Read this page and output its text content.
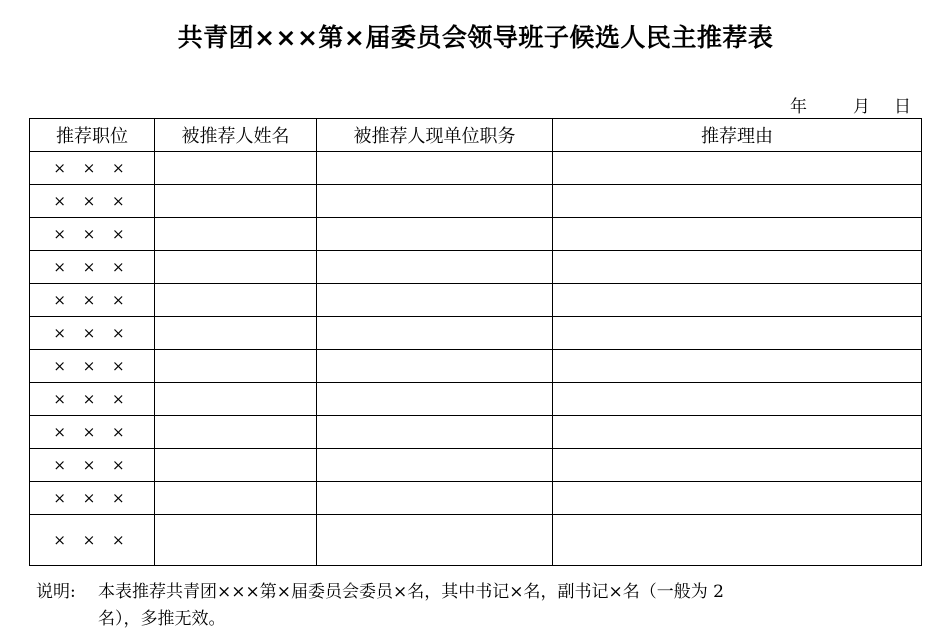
共青团×××第×届委员会领导班子候选人民主推荐表
年	月 日
推荐职位	被推荐人姓名	被推荐人现单位职务	推荐理由
× × ×			
× × ×			
× × ×			
× × ×			
× × ×			
× × ×			
× × ×			
× × ×			
× × ×			
× × ×			
× × ×			
× × ×			
说明: 本表推荐共青团×××第×届委员会委员×名，其中书记×名，副书记×名（一般为 2
名），多推无效。
